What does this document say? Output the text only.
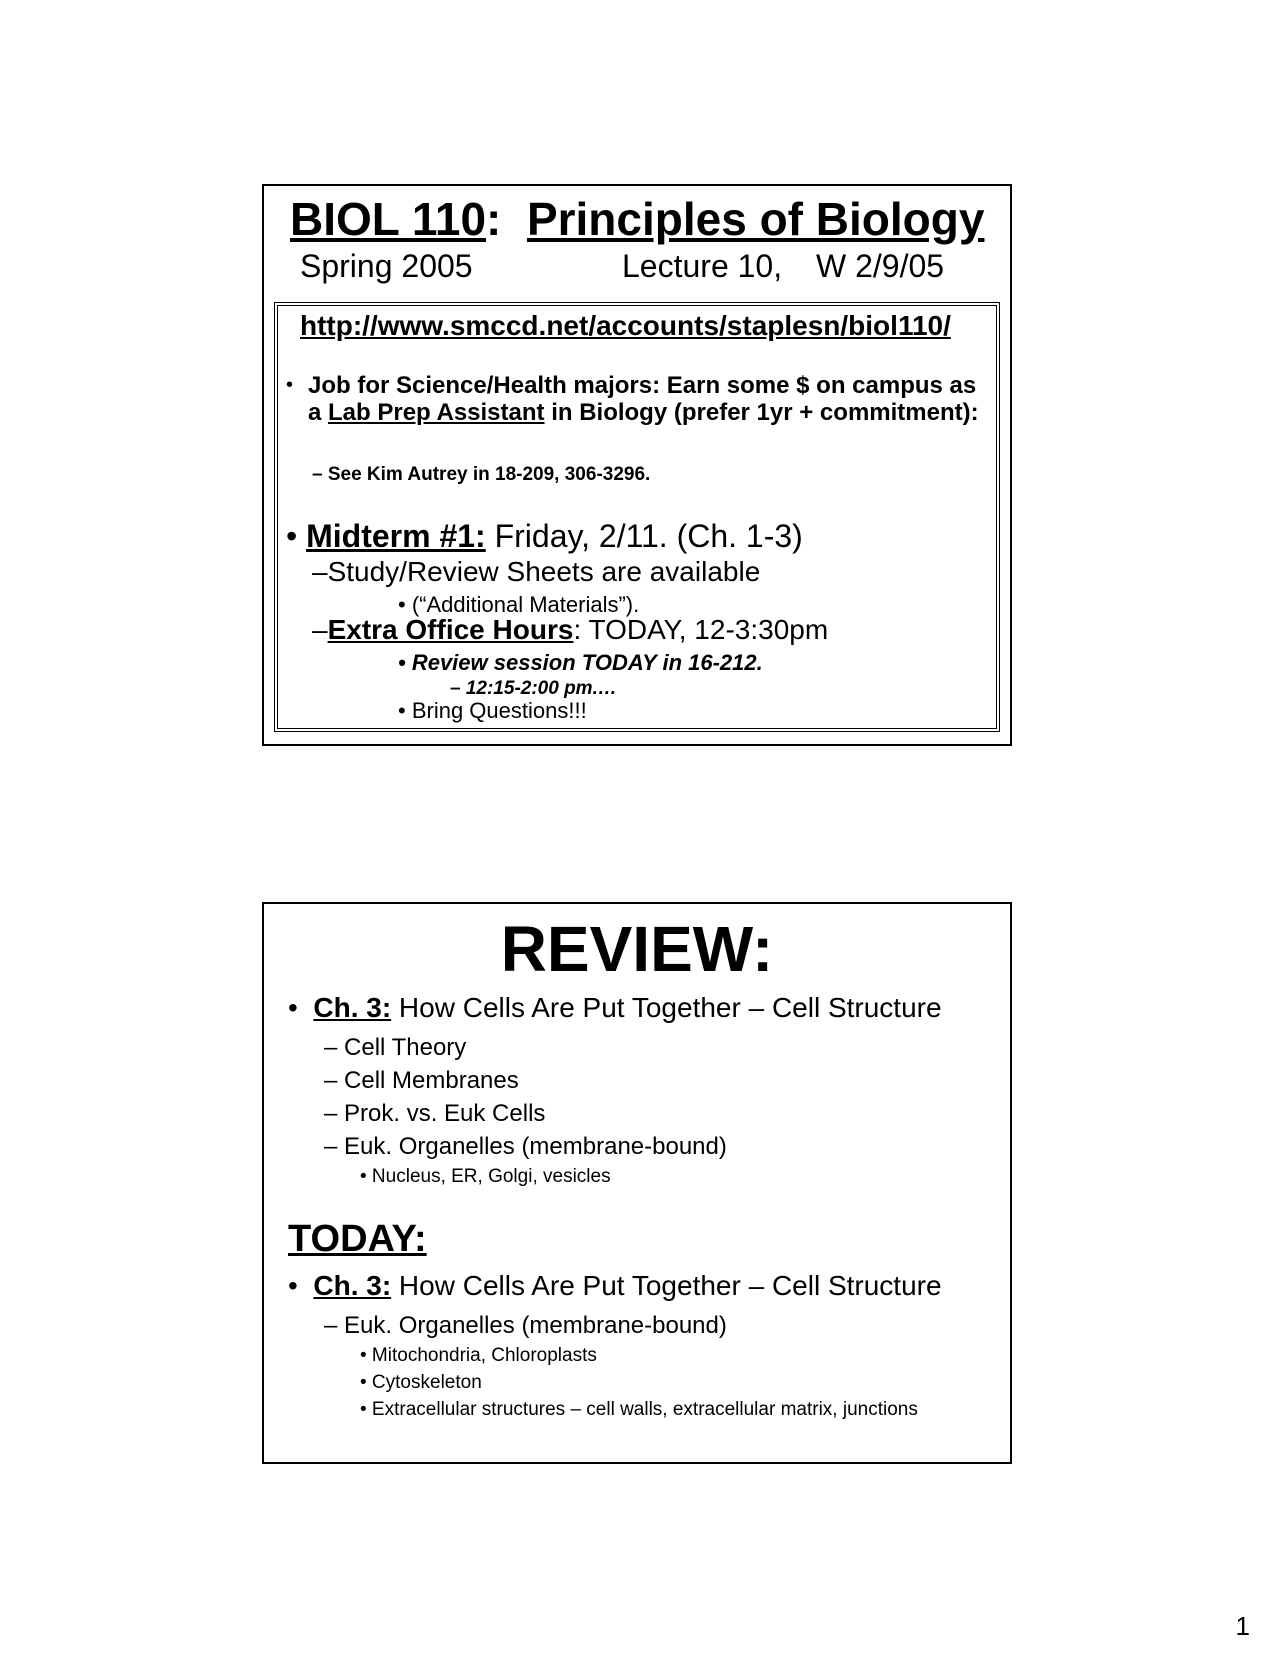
BIOL 110: Principles of Biology
Spring 2005	Lecture 10, W 2/9/05
http://www.smccd.net/accounts/staplesn/biol110/
• Job for Science/Health majors: Earn some $ on campus as a Lab Prep Assistant in Biology (prefer 1yr + commitment):
– See Kim Autrey in 18-209, 306-3296.
• Midterm #1: Friday, 2/11. (Ch. 1-3)
–Study/Review Sheets are available
• (“Additional Materials”).
–Extra Office Hours: TODAY, 12-3:30pm
• Review session TODAY in 16-212.
– 12:15-2:00 pm.…
• Bring Questions!!!
REVIEW:
• Ch. 3: How Cells Are Put Together – Cell Structure
– Cell Theory
– Cell Membranes
– Prok. vs. Euk Cells
– Euk. Organelles (membrane-bound)
• Nucleus, ER, Golgi, vesicles
TODAY:
• Ch. 3: How Cells Are Put Together – Cell Structure
– Euk. Organelles (membrane-bound)
• Mitochondria, Chloroplasts
• Cytoskeleton
• Extracellular structures – cell walls, extracellular matrix, junctions
1
